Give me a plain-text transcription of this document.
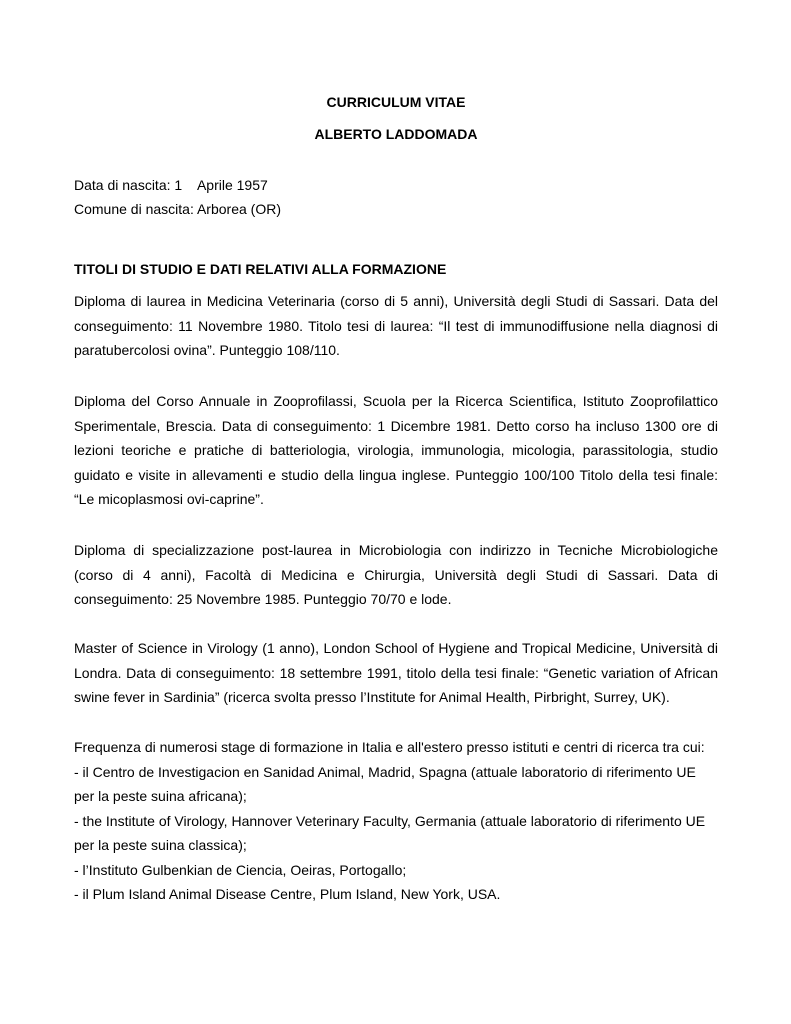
CURRICULUM VITAE
ALBERTO LADDOMADA
Data di nascita: 1    Aprile 1957
Comune di nascita: Arborea (OR)
TITOLI DI STUDIO E DATI RELATIVI ALLA FORMAZIONE

Diploma di laurea in Medicina Veterinaria (corso di 5 anni), Università degli Studi di Sassari. Data del conseguimento: 11 Novembre 1980. Titolo tesi di laurea: “Il test di immunodiffusione nella diagnosi di paratubercolosi ovina”. Punteggio 108/110.

Diploma del Corso Annuale in Zooprofilassi, Scuola per la Ricerca Scientifica, Istituto Zooprofilattico Sperimentale, Brescia. Data di conseguimento: 1 Dicembre 1981. Detto corso ha incluso 1300 ore di lezioni teoriche e pratiche di batteriologia, virologia, immunologia, micologia, parassitologia, studio guidato e visite in allevamenti e studio della lingua inglese. Punteggio 100/100 Titolo della tesi finale: “Le micoplasmosi ovi-caprine”.

Diploma di specializzazione post-laurea in Microbiologia con indirizzo in Tecniche Microbiologiche (corso di 4 anni), Facoltà di Medicina e Chirurgia, Università degli Studi di Sassari. Data di conseguimento: 25 Novembre 1985. Punteggio 70/70 e lode.

Master of Science in Virology (1 anno), London School of Hygiene and Tropical Medicine, Università di Londra. Data di conseguimento: 18 settembre 1991, titolo della tesi finale: “Genetic variation of African swine fever in Sardinia” (ricerca svolta presso l’Institute for Animal Health, Pirbright, Surrey, UK).

Frequenza di numerosi stage di formazione in Italia e all'estero presso istituti e centri di ricerca tra cui:

- il Centro de Investigacion en Sanidad Animal, Madrid, Spagna (attuale laboratorio di riferimento UE per la peste suina africana);

- the Institute of Virology, Hannover Veterinary Faculty, Germania (attuale laboratorio di riferimento UE per la peste suina classica);

- l’Instituto Gulbenkian de Ciencia, Oeiras, Portogallo;

- il Plum Island Animal Disease Centre, Plum Island, New York, USA.
